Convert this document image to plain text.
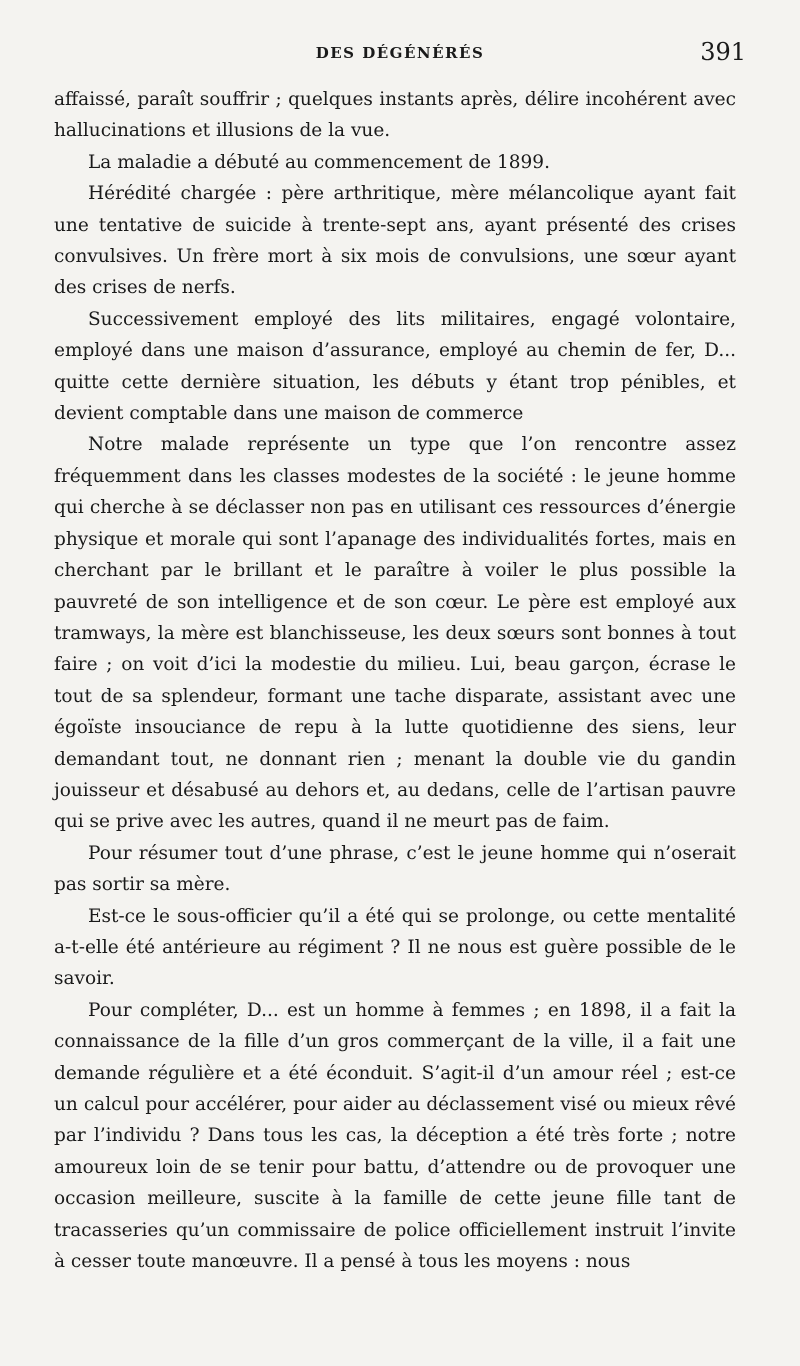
DES DÉGÉNÉRÉS	391

affaissé, paraît souffrir ; quelques instants après, délire incohérent avec hallucinations et illusions de la vue.

La maladie a débuté au commencement de 1899.

Hérédité chargée : père arthritique, mère mélancolique ayant fait une tentative de suicide à trente-sept ans, ayant présenté des crises convulsives. Un frère mort à six mois de convulsions, une sœur ayant des crises de nerfs.

Successivement employé des lits militaires, engagé volontaire, employé dans une maison d’assurance, employé au chemin de fer, D... quitte cette dernière situation, les débuts y étant trop pénibles, et devient comptable dans une maison de commerce

Notre malade représente un type que l’on rencontre assez fréquemment dans les classes modestes de la société : le jeune homme qui cherche à se déclasser non pas en utilisant ces ressources d’énergie physique et morale qui sont l’apanage des individualités fortes, mais en cherchant par le brillant et le paraître à voiler le plus possible la pauvreté de son intelligence et de son cœur. Le père est employé aux tramways, la mère est blanchisseuse, les deux sœurs sont bonnes à tout faire ; on voit d’ici la modestie du milieu. Lui, beau garçon, écrase le tout de sa splendeur, formant une tache disparate, assistant avec une égoïste insouciance de repu à la lutte quotidienne des siens, leur demandant tout, ne donnant rien ; menant la double vie du gandin jouisseur et désabusé au dehors et, au dedans, celle de l’artisan pauvre qui se prive avec les autres, quand il ne meurt pas de faim.

Pour résumer tout d’une phrase, c’est le jeune homme qui n’oserait pas sortir sa mère.

Est-ce le sous-officier qu’il a été qui se prolonge, ou cette mentalité a-t-elle été antérieure au régiment ? Il ne nous est guère possible de le savoir.

Pour compléter, D... est un homme à femmes ; en 1898, il a fait la connaissance de la fille d’un gros commerçant de la ville, il a fait une demande régulière et a été éconduit. S’agit-il d’un amour réel ; est-ce un calcul pour accélérer, pour aider au déclassement visé ou mieux rêvé par l’individu ? Dans tous les cas, la déception a été très forte ; notre amoureux loin de se tenir pour battu, d’attendre ou de provoquer une occasion meilleure, suscite à la famille de cette jeune fille tant de tracasseries qu’un commissaire de police officiellement instruit l’invite à cesser toute manœuvre. Il a pensé à tous les moyens : nous
